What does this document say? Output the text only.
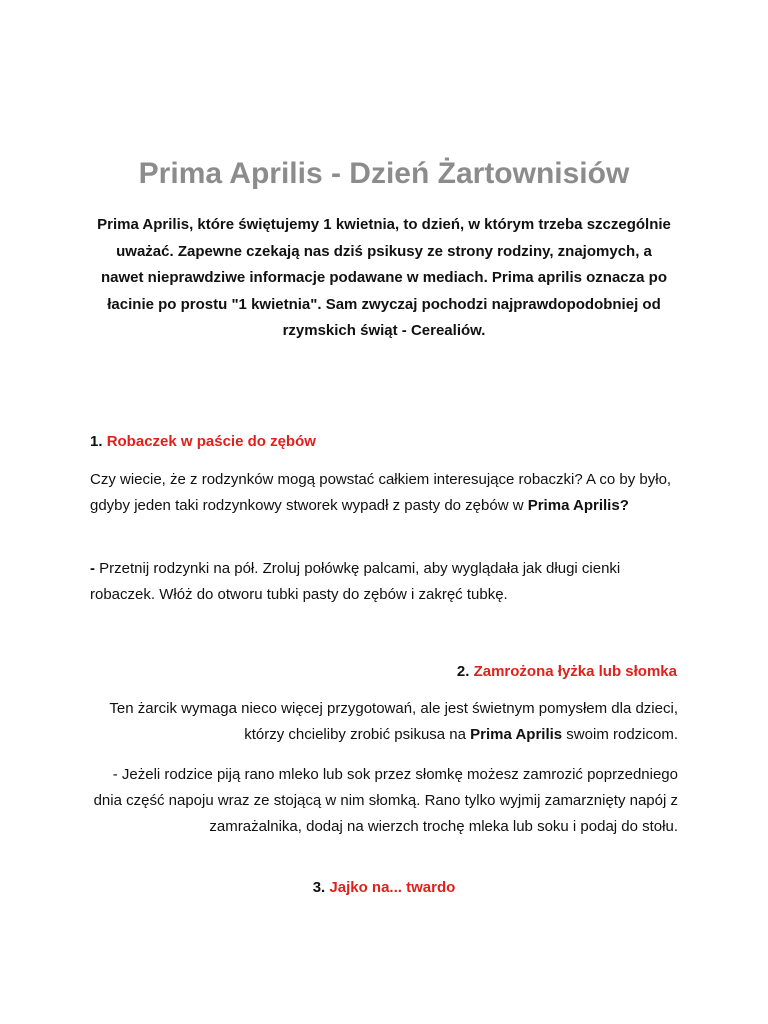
Prima Aprilis - Dzień Żartownisiów
Prima Aprilis, które świętujemy 1 kwietnia, to dzień, w którym trzeba szczególnie uważać. Zapewne czekają nas dziś psikusy ze strony rodziny, znajomych, a nawet nieprawdziwe informacje podawane w mediach. Prima aprilis oznacza po łacinie po prostu "1 kwietnia". Sam zwyczaj pochodzi najprawdopodobniej od rzymskich świąt - Cerealiów.
1. Robaczek w paście do zębów
Czy wiecie, że z rodzynków mogą powstać całkiem interesujące robaczki? A co by było, gdyby jeden taki rodzynkowy stworek wypadł z pasty do zębów w Prima Aprilis?
- Przetnij rodzynki na pół. Zroluj połówkę palcami, aby wyglądała jak długi cienki robaczek. Włóż do otworu tubki pasty do zębów i zakręć tubkę.
2. Zamrożona łyżka lub słomka
Ten żarcik wymaga nieco więcej przygotowań, ale jest świetnym pomysłem dla dzieci, którzy chcieliby zrobić psikusa na Prima Aprilis swoim rodzicom.
- Jeżeli rodzice piją rano mleko lub sok przez słomkę możesz zamrozić poprzedniego dnia część napoju wraz ze stojącą w nim słomką. Rano tylko wyjmij zamarznięty napój z zamrażalnika, dodaj na wierzch trochę mleka lub soku i podaj do stołu.
3. Jajko na... twardo
